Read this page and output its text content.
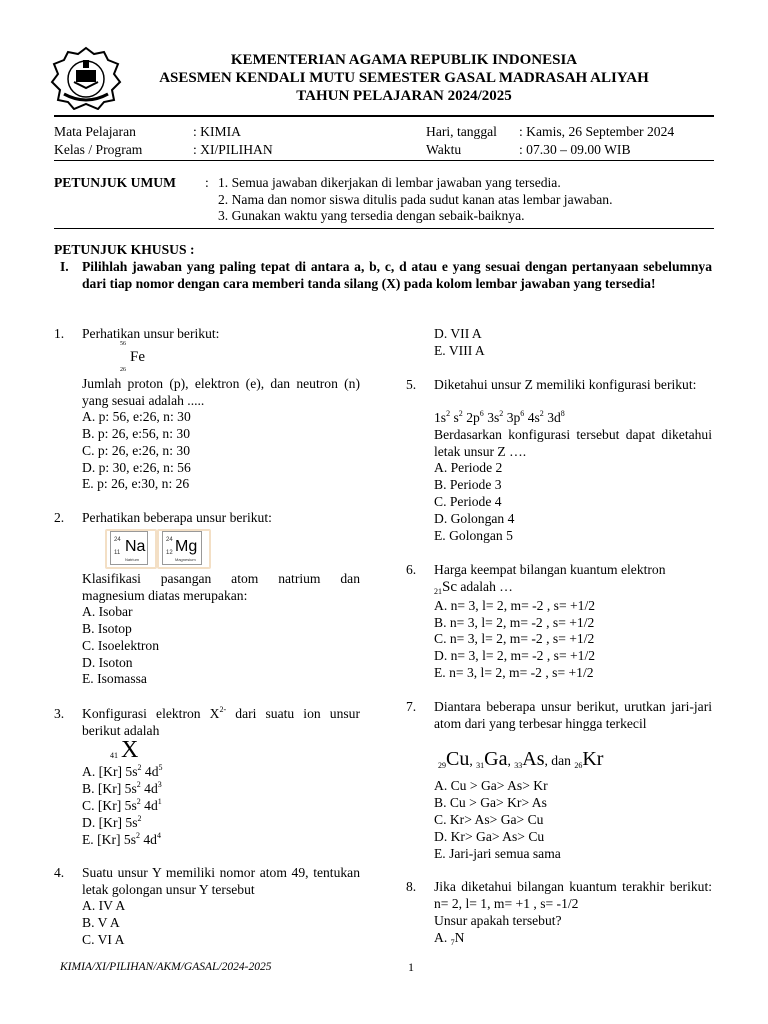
KEMENTERIAN AGAMA REPUBLIK INDONESIA
ASESMEN KENDALI MUTU SEMESTER GASAL MADRASAH ALIYAH
TAHUN PELAJARAN 2024/2025
Mata Pelajaran	: KIMIA	Hari, tanggal : Kamis, 26 September 2024
Kelas / Program	: XI/PILIHAN	Waktu	: 07.30 – 09.00 WIB
PETUNJUK UMUM : 1. Semua jawaban dikerjakan di lembar jawaban yang tersedia.
2. Nama dan nomor siswa ditulis pada sudut kanan atas lembar jawaban.
3. Gunakan waktu yang tersedia dengan sebaik-baiknya.
PETUNJUK KHUSUS :
I. Pilihlah jawaban yang paling tepat di antara a, b, c, d atau e yang sesuai dengan pertanyaan sebelumnya dari tiap nomor dengan cara memberi tanda silang (X) pada kolom lembar jawaban yang tersedia!
1. Perhatikan unsur berikut:
56
Fe
26
Jumlah proton (p), elektron (e), dan neutron (n) yang sesuai adalah .....
A. p: 56, e:26, n: 30
B. p: 26, e:56, n: 30
C. p: 26, e:26, n: 30
D. p: 30, e:26, n: 56
E. p: 26, e:30, n: 26
2. Perhatikan beberapa unsur berikut:
24
11 Na
Natrium
24
12 Mg
Magnesium
Klasifikasi pasangan atom natrium dan magnesium diatas merupakan:
A. Isobar
B. Isotop
C. Isoelektron
D. Isoton
E. Isomassa
3. Konfigurasi elektron $X^{2-}$ dari suatu ion unsur berikut adalah
41 X
A. [Kr] $5s^2$ $4d^5$
B. [Kr] $5s^2$ $4d^3$
C. [Kr] $5s^2$ $4d^1$
D. [Kr] $5s^2$
E. [Kr] $5s^2$ $4d^4$
4. Suatu unsur Y memiliki nomor atom 49, tentukan letak golongan unsur Y tersebut
A. IV A
B. V A
C. VI A
D. VII A
E. VIII A
5. Diketahui unsur Z memiliki konfigurasi berikut:
$1s^2$ $s^2$ $2p^6$ $3s^2$ $3p^6$ $4s^2$ $3d^8$
Berdasarkan konfigurasi tersebut dapat diketahui letak unsur Z ….
A. Periode 2
B. Periode 3
C. Periode 4
D. Golongan 4
E. Golongan 5
6. Harga keempat bilangan kuantum elektron
$_{21}$Sc adalah …
A. n= 3, l= 2, m= -2 , s= +1/2
B. n= 3, l= 2, m= -2 , s= +1/2
C. n= 3, l= 2, m= -2 , s= +1/2
D. n= 3, l= 2, m= -2 , s= +1/2
E. n= 3, l= 2, m= -2 , s= +1/2
7. Diantara beberapa unsur berikut, urutkan jari-jari atom dari yang terbesar hingga terkecil
$_{29}$Cu, $_{31}$Ga, $_{33}$As, dan $_{26}$Kr
A. Cu > Ga> As> Kr
B. Cu > Ga> Kr> As
C. Kr> As> Ga> Cu
D. Kr> Ga> As> Cu
E. Jari-jari semua sama
8. Jika diketahui bilangan kuantum terakhir berikut: n= 2, l= 1, m= +1 , s= -1/2
Unsur apakah tersebut?
A. $_7$N
KIMIA/XI/PILIHAN/AKM/GASAL/2024-2025	1
